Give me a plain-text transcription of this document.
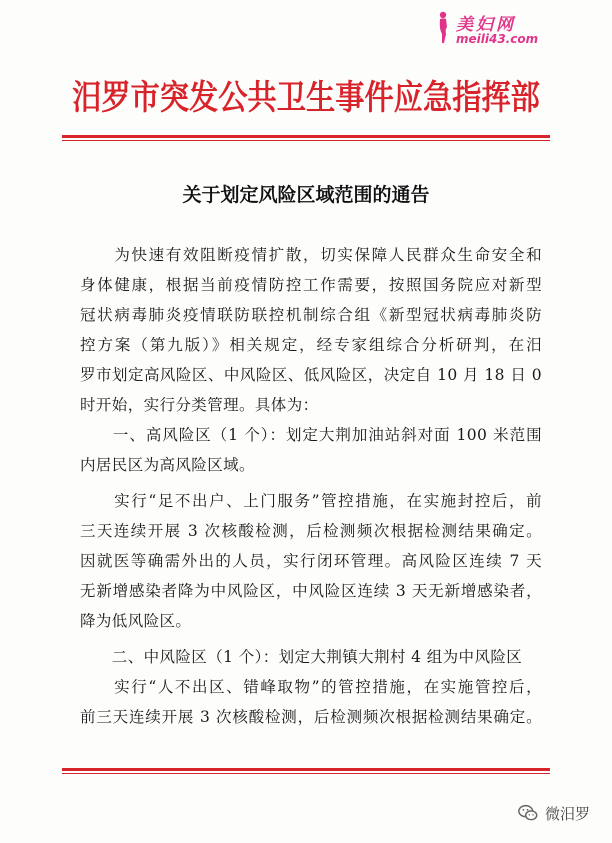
美妇网
meili43.com
汨罗市突发公共卫生事件应急指挥部
关于划定风险区域范围的通告
　　为快速有效阻断疫情扩散，切实保障人民群众生命安全和
身体健康，根据当前疫情防控工作需要，按照国务院应对新型
冠状病毒肺炎疫情联防联控机制综合组《新型冠状病毒肺炎防
控方案（第九版）》相关规定，经专家组综合分析研判，在汨
罗市划定高风险区、中风险区、低风险区，决定自 10 月 18 日 0
时开始，实行分类管理。具体为：
　　一、高风险区（1 个）：划定大荆加油站斜对面 100 米范围
内居民区为高风险区域。
　　实行“足不出户、上门服务”管控措施，在实施封控后，前
三天连续开展 3 次核酸检测，后检测频次根据检测结果确定。
因就医等确需外出的人员，实行闭环管理。高风险区连续 7 天
无新增感染者降为中风险区，中风险区连续 3 天无新增感染者，
降为低风险区。
　　二、中风险区（1 个）：划定大荆镇大荆村 4 组为中风险区
　　实行“人不出区、错峰取物”的管控措施，在实施管控后，
前三天连续开展 3 次核酸检测，后检测频次根据检测结果确定。
微汨罗
